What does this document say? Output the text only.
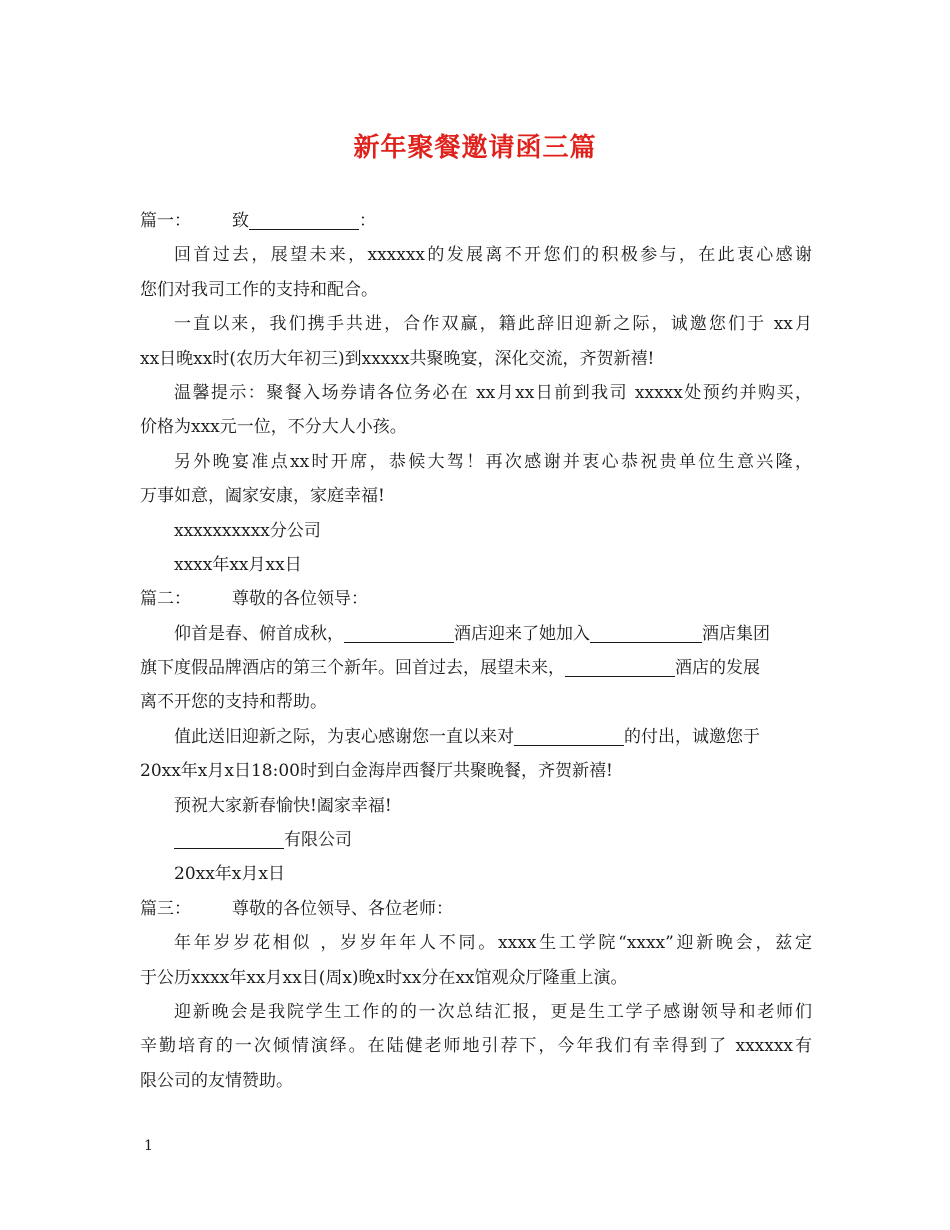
新年聚餐邀请函三篇
篇一： 致	：
回首过去，展望未来，xxxxxx的发展离不开您们的积极参与，在此衷心感谢
您们对我司工作的支持和配合。
一直以来，我们携手共进，合作双赢，籍此辞旧迎新之际，诚邀您们于 xx月
xx日晚xx时(农历大年初三)到xxxxx共聚晚宴，深化交流，齐贺新禧!
温馨提示：聚餐入场券请各位务必在 xx月xx日前到我司 xxxxx处预约并购买，
价格为xxx元一位，不分大人小孩。
另外晚宴准点xx时开席，恭候大驾！再次感谢并衷心恭祝贵单位生意兴隆，
万事如意，阖家安康，家庭幸福!
xxxxxxxxxx分公司
xxxx年xx月xx日
篇二： 尊敬的各位领导：
仰首是春、俯首成秋，	酒店迎来了她加入	酒店集团
旗下度假品牌酒店的第三个新年。回首过去，展望未来，	酒店的发展
离不开您的支持和帮助。
值此送旧迎新之际，为衷心感谢您一直以来对	的付出，诚邀您于
20xx年x月x日18:00时到白金海岸西餐厅共聚晚餐，齐贺新禧!
预祝大家新春愉快!阖家幸福!
有限公司
20xx年x月x日
篇三： 尊敬的各位领导、各位老师：
年年岁岁花相似 ，岁岁年年人不同。xxxx生工学院“xxxx”迎新晚会，兹定
于公历xxxx年xx月xx日(周x)晚x时xx分在xx馆观众厅隆重上演。
迎新晚会是我院学生工作的的一次总结汇报，更是生工学子感谢领导和老师们
辛勤培育的一次倾情演绎。在陆健老师地引荐下，今年我们有幸得到了 xxxxxx有
限公司的友情赞助。
1
